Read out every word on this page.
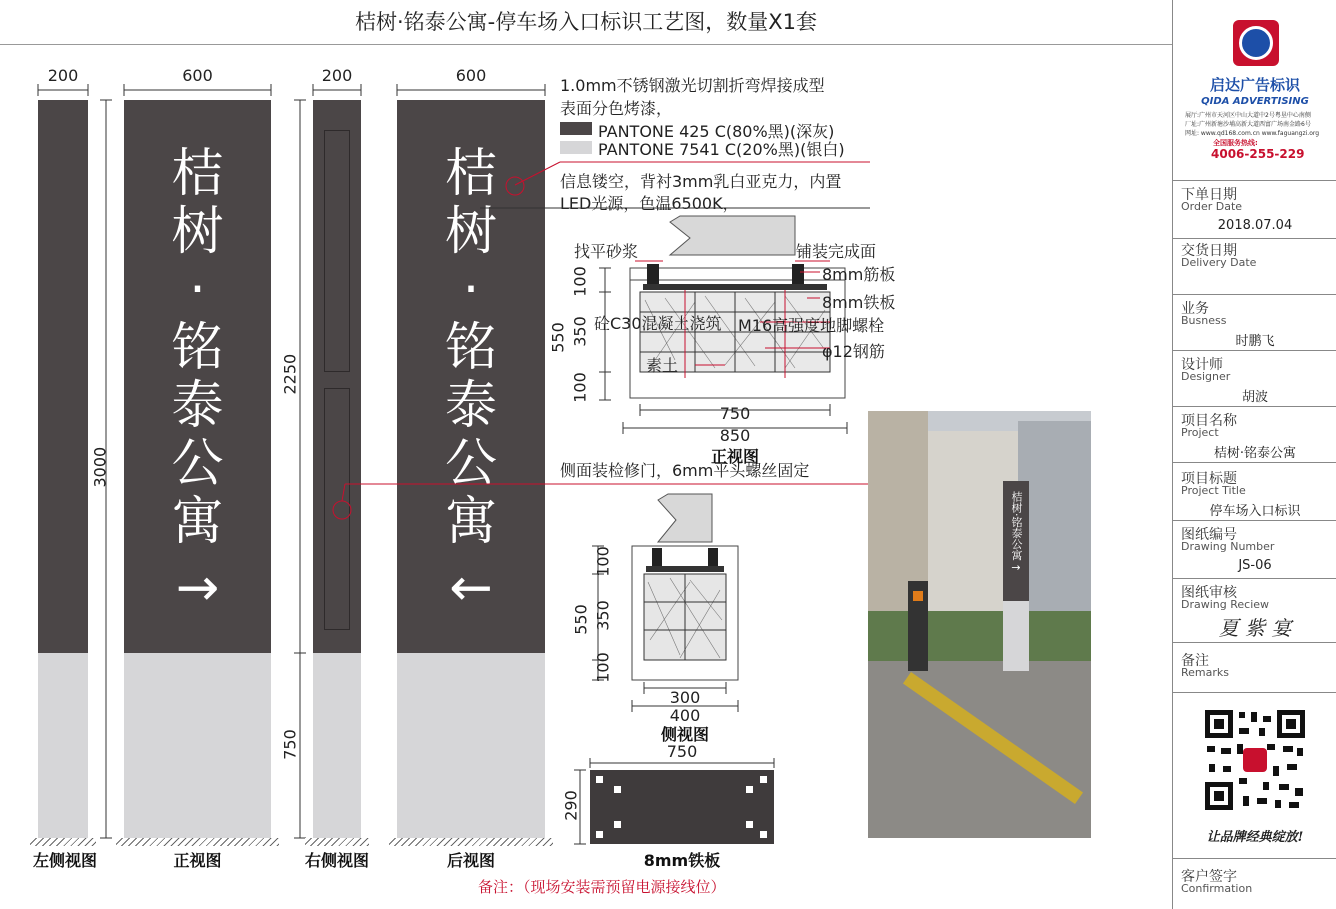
桔树·铭泰公寓-停车场入口标识工艺图，数量X1套
200	600	200	600
3000
桔
树
·
铭
泰
公
寓
→
2250
750
桔
树
·
铭
泰
公
寓
←
左侧视图	正视图	右侧视图	后视图
1.0mm不锈钢激光切割折弯焊接成型
表面分色烤漆，
PANTONE 425 C(80%黑)(深灰)
PANTONE 7541 C(20%黑)(银白)
信息镂空，背衬3mm乳白亚克力，内置
LED光源，色温6500K，
找平砂浆	铺装完成面
8mm筋板
8mm铁板
砼C30混凝土浇筑 M16高强度地脚螺栓
φ12钢筋
素土
100
350
100
550
750
850
正视图
侧面装检修门，6mm平头螺丝固定
100
350
100
550
300
400
侧视图
750
290
8mm铁板
备注：（现场安装需预留电源接线位）
桔树·铭泰公寓
→
启达广告标识
QIDA ADVERTISING
展厅:广州市天河区中山大道中2号粤垦中心南侧
厂址:广州新塘沙埔高新大道西富广场南金路6号
网址: www.qd168.com.cn www.faguangzi.org
全国服务热线:
4006-255-229
下单日期
Order Date
2018.07.04
交货日期
Delivery Date
业务
Busness
时鹏飞
设计师
Designer
胡波
项目名称
Project
桔树·铭泰公寓
项目标题
Project Title
停车场入口标识
图纸编号
Drawing Number
JS-06
图纸审核
Drawing Reciew
夏 紫 宴
备注
Remarks
让品牌经典绽放!
客户签字
Confirmation
